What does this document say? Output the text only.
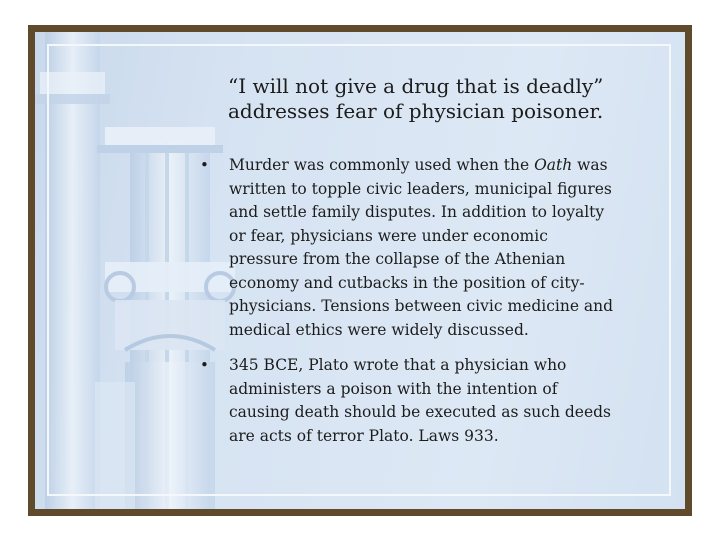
“I will not give a drug that is deadly”
addresses fear of physician poisoner.
• Murder was commonly used when the Oath was
written to topple civic leaders, municipal figures
and settle family disputes. In addition to loyalty
or fear, physicians were under economic
pressure from the collapse of the Athenian
economy and cutbacks in the position of city-
physicians. Tensions between civic medicine and
medical ethics were widely discussed.
• 345 BCE, Plato wrote that a physician who
administers a poison with the intention of
causing death should be executed as such deeds
are acts of terror Plato. Laws 933.
